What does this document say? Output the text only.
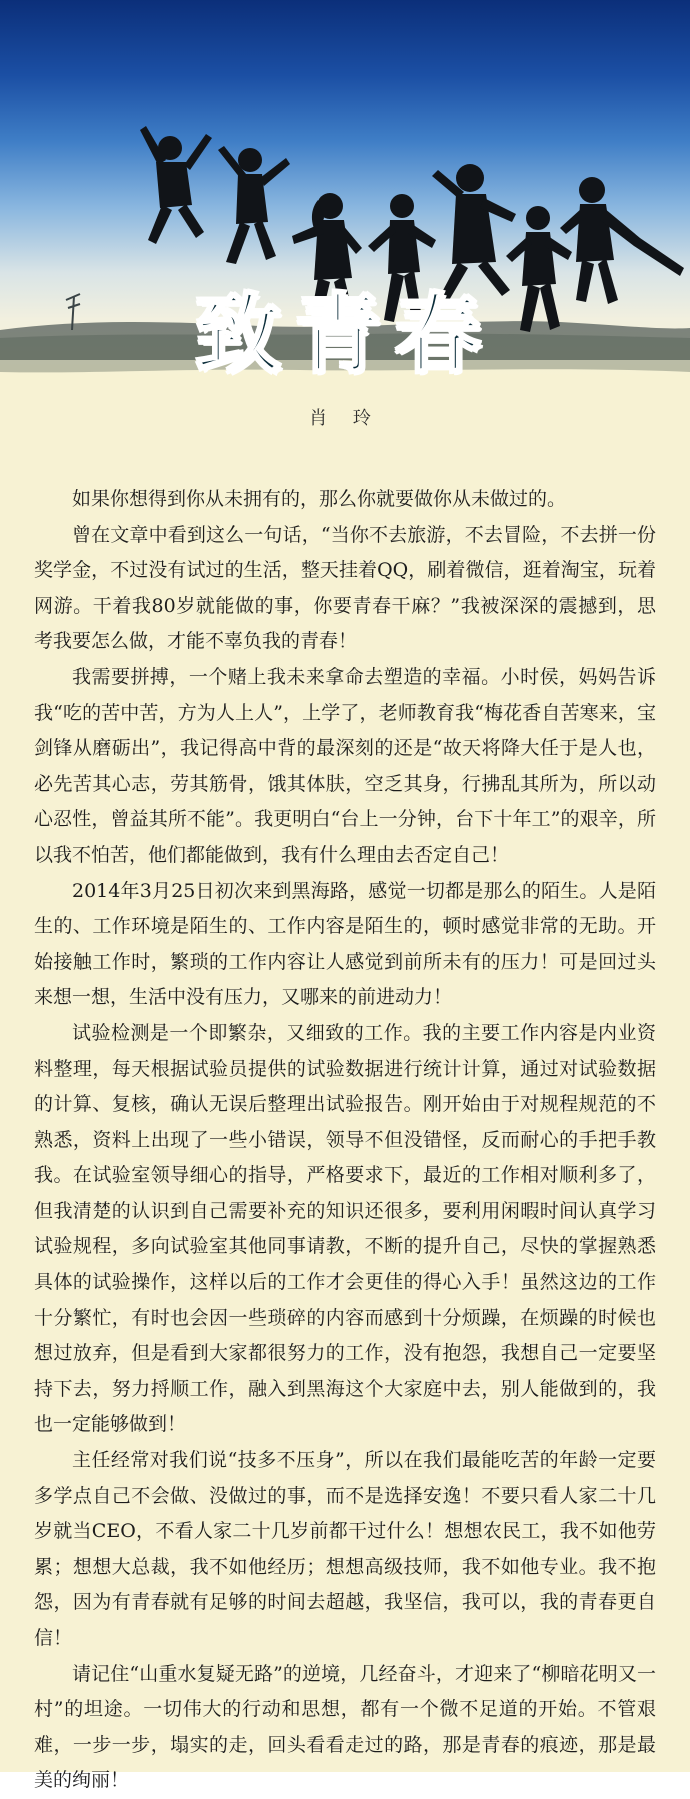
致青春
肖 玲

如果你想得到你从未拥有的，那么你就要做你从未做过的。

曾在文章中看到这么一句话，“当你不去旅游，不去冒险，不去拼一份奖学金，不过没有试过的生活，整天挂着QQ，刷着微信，逛着淘宝，玩着网游。干着我80岁就能做的事，你要青春干麻？”我被深深的震撼到，思考我要怎么做，才能不辜负我的青春！

我需要拼搏，一个赌上我未来拿命去塑造的幸福。小时侯，妈妈告诉我“吃的苦中苦，方为人上人”，上学了，老师教育我“梅花香自苦寒来，宝剑锋从磨砺出”，我记得高中背的最深刻的还是“故天将降大任于是人也，必先苦其心志，劳其筋骨，饿其体肤，空乏其身，行拂乱其所为，所以动心忍性，曾益其所不能”。我更明白“台上一分钟，台下十年工”的艰辛，所以我不怕苦，他们都能做到，我有什么理由去否定自己！

2014年3月25日初次来到黑海路，感觉一切都是那么的陌生。人是陌生的、工作环境是陌生的、工作内容是陌生的，顿时感觉非常的无助。开始接触工作时，繁琐的工作内容让人感觉到前所未有的压力！可是回过头来想一想，生活中没有压力，又哪来的前进动力！

试验检测是一个即繁杂，又细致的工作。我的主要工作内容是内业资料整理，每天根据试验员提供的试验数据进行统计计算，通过对试验数据的计算、复核，确认无误后整理出试验报告。刚开始由于对规程规范的不熟悉，资料上出现了一些小错误，领导不但没错怪，反而耐心的手把手教我。在试验室领导细心的指导，严格要求下，最近的工作相对顺利多了，但我清楚的认识到自己需要补充的知识还很多，要利用闲暇时间认真学习试验规程，多向试验室其他同事请教，不断的提升自己，尽快的掌握熟悉具体的试验操作，这样以后的工作才会更佳的得心入手！虽然这边的工作十分繁忙，有时也会因一些琐碎的内容而感到十分烦躁，在烦躁的时候也想过放弃，但是看到大家都很努力的工作，没有抱怨，我想自己一定要坚持下去，努力捋顺工作，融入到黑海这个大家庭中去，别人能做到的，我也一定能够做到！

主任经常对我们说“技多不压身”，所以在我们最能吃苦的年龄一定要多学点自己不会做、没做过的事，而不是选择安逸！不要只看人家二十几岁就当CEO，不看人家二十几岁前都干过什么！想想农民工，我不如他劳累；想想大总裁，我不如他经历；想想高级技师，我不如他专业。我不抱怨，因为有青春就有足够的时间去超越，我坚信，我可以，我的青春更自信！

请记住“山重水复疑无路”的逆境，几经奋斗，才迎来了“柳暗花明又一村”的坦途。一切伟大的行动和思想，都有一个微不足道的开始。不管艰难，一步一步，塌实的走，回头看看走过的路，那是青春的痕迹，那是最美的绚丽！
